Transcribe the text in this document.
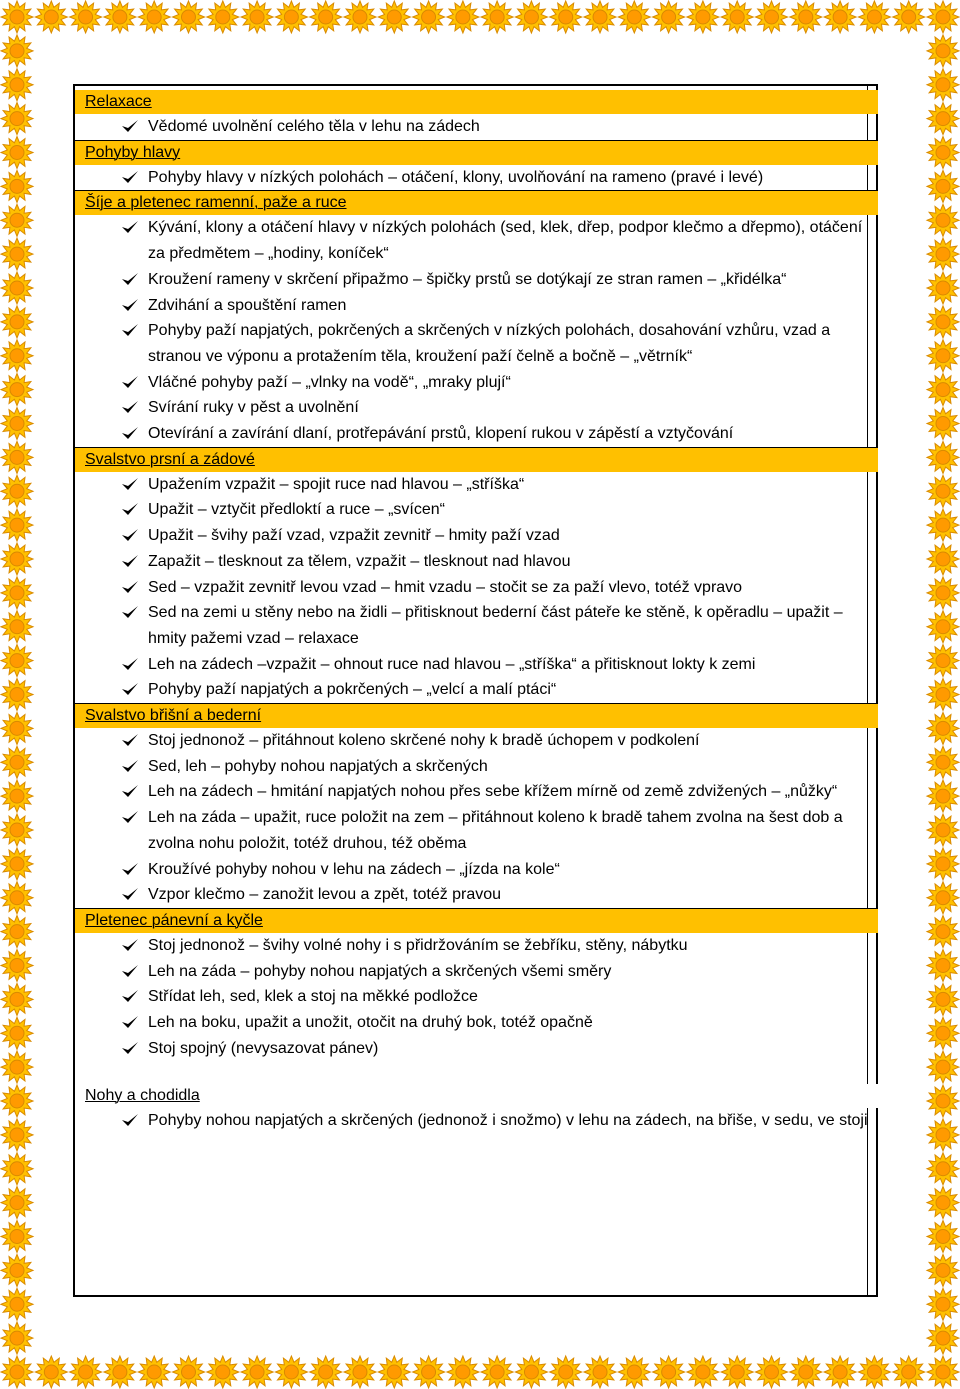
Relaxace
Vědomé uvolnění celého těla v lehu na zádech
Pohyby hlavy
Pohyby hlavy v nízkých polohách – otáčení, klony, uvolňování na rameno (pravé i levé)
Šíje a pletenec ramenní, paže a ruce
Kývání, klony a otáčení hlavy v nízkých polohách (sed, klek, dřep, podpor klečmo a dřepmo), otáčení za předmětem – „hodiny, koníček“
Kroužení rameny v skrčení připažmo – špičky prstů se dotýkají ze stran ramen – „křidélka“
Zdvihání a spouštění ramen
Pohyby paží napjatých, pokrčených a skrčených v nízkých polohách, dosahování vzhůru, vzad a stranou ve výponu a protažením těla, kroužení paží čelně a bočně – „větrník“
Vláčné pohyby paží – „vlnky na vodě“, „mraky plují“
Svírání ruky v pěst a uvolnění
Otevírání a zavírání dlaní, protřepávání prstů, klopení rukou v zápěstí a vztyčování
Svalstvo prsní a zádové
Upažením vzpažit – spojit ruce nad hlavou – „stříška“
Upažit – vztyčit předloktí a ruce – „svícen“
Upažit – švihy paží vzad, vzpažit zevnitř – hmity paží vzad
Zapažit – tlesknout za tělem, vzpažit – tlesknout nad hlavou
Sed – vzpažit zevnitř levou vzad – hmit vzadu – stočit se za paží vlevo, totéž vpravo
Sed na zemi u stěny nebo na židli – přitisknout bederní část páteře ke stěně, k opěradlu – upažit – hmity pažemi vzad – relaxace
Leh na zádech –vzpažit – ohnout ruce nad hlavou – „stříška“ a přitisknout lokty k zemi
Pohyby paží napjatých a pokrčených – „velcí a malí ptáci“
Svalstvo břišní a bederní
Stoj jednonož – přitáhnout koleno skrčené nohy k bradě úchopem v podkolení
Sed, leh – pohyby nohou napjatých a skrčených
Leh na zádech – hmitání napjatých nohou přes sebe křížem mírně od země zdvižených – „nůžky“
Leh na záda – upažit, ruce položit na zem – přitáhnout koleno k bradě tahem zvolna na šest dob a zvolna nohu položit, totéž druhou, též oběma
Kroužívé pohyby nohou v lehu na zádech – „jízda na kole“
Vzpor klečmo – zanožit levou a zpět, totéž pravou
Pletenec pánevní a kyčle
Stoj jednonož – švihy volné nohy i s přidržováním se žebříku, stěny, nábytku
Leh na záda – pohyby nohou napjatých a skrčených všemi směry
Střídat leh, sed, klek a stoj na měkké podložce
Leh na boku, upažit a unožit, otočit na druhý bok, totéž opačně
Stoj spojný (nevysazovat pánev)
Nohy a chodidla
Pohyby nohou napjatých a skrčených (jednonož i snožmo) v lehu na zádech, na břiše, v sedu, ve stoji
